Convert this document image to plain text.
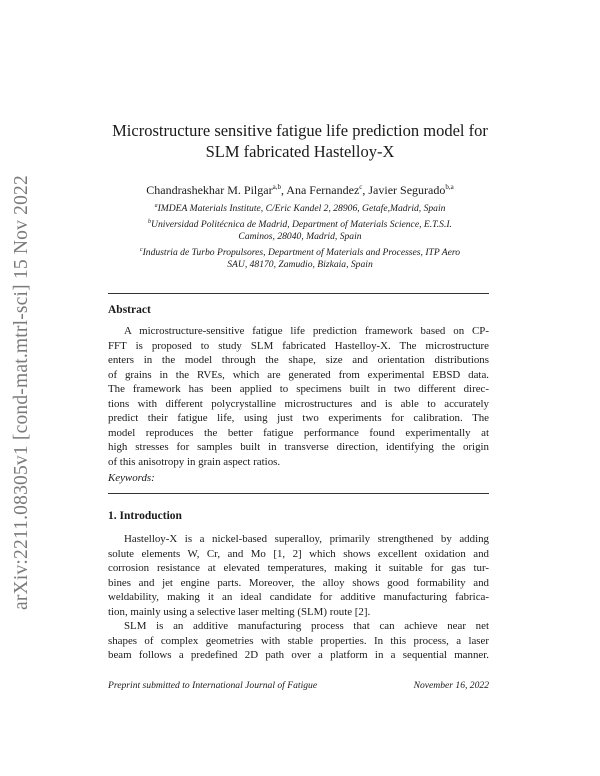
arXiv:2211.08305v1 [cond-mat.mtrl-sci] 15 Nov 2022
Microstructure sensitive fatigue life prediction model for
SLM fabricated Hastelloy-X
Chandrashekhar M. Pilgar$^{a,b}$, Ana Fernandez$^c$, Javier Segurado$^{b,a}$
$^a$IMDEA Materials Institute, C/Eric Kandel 2, 28906, Getafe,Madrid, Spain
$^b$Universidad Politécnica de Madrid, Department of Materials Science, E.T.S.I.
Caminos, 28040, Madrid, Spain
$^c$Industria de Turbo Propulsores, Department of Materials and Processes, ITP Aero
SAU, 48170, Zamudio, Bizkaia, Spain
Abstract
A microstructure-sensitive fatigue life prediction framework based on CP-
FFT is proposed to study SLM fabricated Hastelloy-X. The microstructure
enters in the model through the shape, size and orientation distributions
of grains in the RVEs, which are generated from experimental EBSD data.
The framework has been applied to specimens built in two different direc-
tions with different polycrystalline microstructures and is able to accurately
predict their fatigue life, using just two experiments for calibration. The
model reproduces the better fatigue performance found experimentally at
high stresses for samples built in transverse direction, identifying the origin
of this anisotropy in grain aspect ratios.
Keywords:
1. Introduction
Hastelloy-X is a nickel-based superalloy, primarily strengthened by adding
solute elements W, Cr, and Mo [1, 2] which shows excellent oxidation and
corrosion resistance at elevated temperatures, making it suitable for gas tur-
bines and jet engine parts. Moreover, the alloy shows good formability and
weldability, making it an ideal candidate for additive manufacturing fabrica-
tion, mainly using a selective laser melting (SLM) route [2].
SLM is an additive manufacturing process that can achieve near net
shapes of complex geometries with stable properties. In this process, a laser
beam follows a predefined 2D path over a platform in a sequential manner.
Preprint submitted to International Journal of Fatigue	November 16, 2022
